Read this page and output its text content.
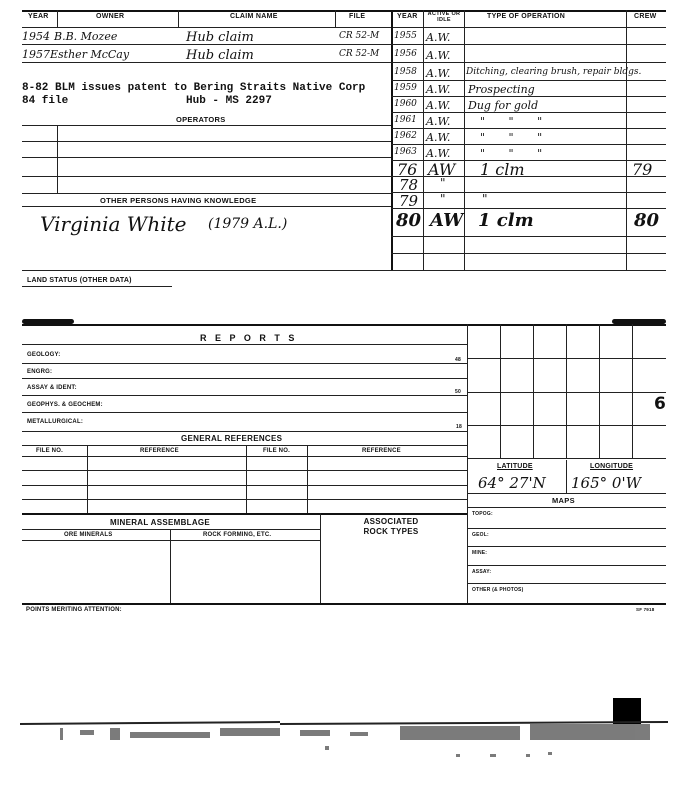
YEAR	OWNER	CLAIM NAME	FILE	YEAR ACTIVE OR IDLE	TYPE OF OPERATION	CREW
1954 B.B. Mozee	Hub claim	CR 52-M
1957 Esther McCay	Hub claim	CR 52-M
8-82 BLM issues patent to Bering Straits Native Corp
84 file	Hub - MS 2297
OPERATORS
OTHER PERSONS HAVING KNOWLEDGE
Virginia White (1979 A.L.)
1955 A.W.
1956 A.W.
1958 A.W. Ditching, clearing brush, repair bldgs.
1959 A.W. Prospecting
1960 A.W. Dug for gold
1961 A.W.	" " "
1962 A.W.	" " "
1963 A.W.	" " "
76 AW 1 clm	79
78 "
79 "	"
80 AW 1 clm	80
LAND STATUS (OTHER DATA)
R E P O R T S
GEOLOGY:
48
ENGRG:
ASSAY & IDENT:
50
GEOPHYS. & GEOCHEM:
METALLURGICAL:
18
GENERAL REFERENCES
FILE NO.	REFERENCE	FILE NO.	REFERENCE
LATITUDE	LONGITUDE
64° 27'N 165° 0'W
MAPS
TOPOG:
GEOL:
MINE:
ASSAY:
OTHER (& PHOTOS)
MINERAL ASSEMBLAGE	ASSOCIATED ROCK TYPES
ORE MINERALS	ROCK FORMING, ETC.
POINTS MERITING ATTENTION:	SF 7918
6
